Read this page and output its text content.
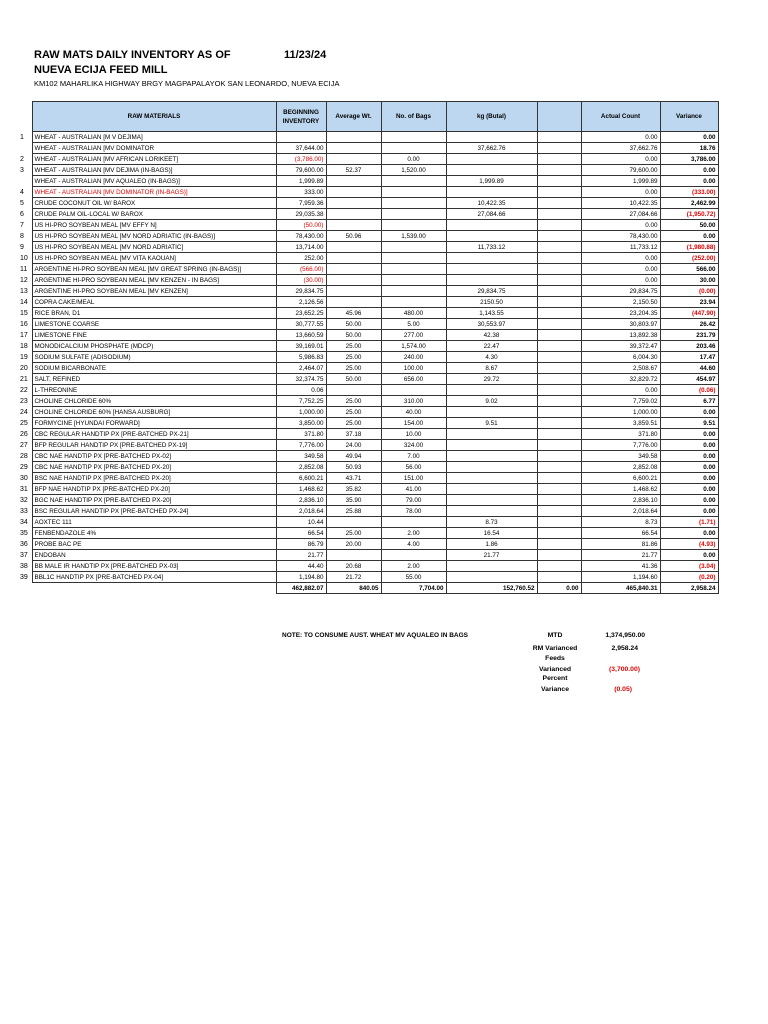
RAW MATS DAILY INVENTORY AS OF	11/23/24
NUEVA ECIJA FEED MILL
KM102 MAHARLIKA HIGHWAY BRGY MAGPAPALAYOK SAN LEONARDO, NUEVA ECIJA
	RAW MATERIALS	BEGINNING INVENTORY	Average Wt.	No. of Bags	kg (Butal)		Actual Count	Variance
1	WHEAT - AUSTRALIAN [M V DEJIMA]						0.00	0.00
	WHEAT - AUSTRALIAN [MV DOMINATOR	37,644.00			37,662.76		37,662.76	18.76
2	WHEAT - AUSTRALIAN [MV AFRICAN LORIKEET]	(3,786.00)		0.00			0.00	3,786.00
3	WHEAT - AUSTRALIAN [MV DEJIMA (IN-BAGS)]	79,600.00	52.37	1,520.00			79,600.00	0.00
	WHEAT - AUSTRALIAN [MV AQUALEO (IN-BAGS)]	1,999.89			1,999.89		1,999.89	0.00
4	WHEAT - AUSTRALIAN [MV DOMINATOR (IN-BAGS)]	333.00					0.00	(333.00)
5	CRUDE COCONUT OIL W/ BAROX	7,959.36			10,422.35		10,422.35	2,462.99
6	CRUDE PALM OIL-LOCAL W/ BAROX	29,035.38			27,084.66		27,084.66	(1,950.72)
7	US HI-PRO SOYBEAN MEAL [MV EFFY N]	(50.00)					0.00	50.00
8	US HI-PRO SOYBEAN MEAL [MV NORD ADRIATIC (IN-BAGS)]	78,430.00	50.96	1,539.00			78,430.00	0.00
9	US HI-PRO SOYBEAN MEAL [MV NORD ADRIATIC]	13,714.00			11,733.12		11,733.12	(1,980.88)
10	US HI-PRO SOYBEAN MEAL [MV VITA KAOUAN]	252.00					0.00	(252.00)
11	ARGENTINE HI-PRO SOYBEAN MEAL [MV GREAT SPRING (IN-BAGS)]	(566.00)					0.00	566.00
12	ARGENTINE HI-PRO SOYBEAN MEAL [MV KENZEN - IN BAGS]	(30.00)					0.00	30.00
13	ARGENTINE HI-PRO SOYBEAN MEAL [MV KENZEN]	29,834.75			29,834.75		29,834.75	(0.00)
14	COPRA CAKE/MEAL	2,126.56			2150.50		2,150.50	23.94
15	RICE BRAN, D1	23,652.25	45.96	480.00	1,143.55		23,204.35	(447.90)
16	LIMESTONE COARSE	30,777.55	50.00	5.00	30,553.97		30,803.97	26.42
17	LIMESTONE FINE	13,660.59	50.00	277.00	42.38		13,892.38	231.79
18	MONODICALCIUM PHOSPHATE (MDCP)	39,169.01	25.00	1,574.00	22.47		39,372.47	203.46
19	SODIUM SULFATE (ADISODIUM)	5,986.83	25.00	240.00	4.30		6,004.30	17.47
20	SODIUM BICARBONATE	2,464.07	25.00	100.00	8.67		2,508.67	44.60
21	SALT, REFINED	32,374.75	50.00	656.00	29.72		32,829.72	454.97
22	L-THREONINE	0.06					0.00	(0.06)
23	CHOLINE CHLORIDE 60%	7,752.25	25.00	310.00	9.02		7,759.02	6.77
24	CHOLINE CHLORIDE 60% [HANSA AUSBURG]	1,000.00	25.00	40.00			1,000.00	0.00
25	FORMYCINE [HYUNDAI FORWARD]	3,850.00	25.00	154.00	9.51		3,859.51	9.51
26	CBC REGULAR HANDTIP PX [PRE-BATCHED PX-21]	371.80	37.18	10.00			371.80	0.00
27	BFP REGULAR HANDTIP PX [PRE-BATCHED PX-19]	7,776.00	24.00	324.00			7,776.00	0.00
28	CBC NAE HANDTIP PX [PRE-BATCHED PX-02]	349.58	49.94	7.00			349.58	0.00
29	CBC NAE HANDTIP PX [PRE-BATCHED PX-20]	2,852.08	50.93	56.00			2,852.08	0.00
30	BSC NAE HANDTIP PX [PRE-BATCHED PX-20]	6,600.21	43.71	151.00			6,600.21	0.00
31	BFP NAE HANDTIP PX [PRE-BATCHED PX-20]	1,468.62	35.82	41.00			1,468.62	0.00
32	BGC NAE HANDTIP PX [PRE-BATCHED PX-20]	2,836.10	35.90	79.00			2,836.10	0.00
33	BSC REGULAR HANDTIP PX [PRE-BATCHED PX-24]	2,018.64	25.88	78.00			2,018.64	0.00
34	AOXTEC 111	10.44			8.73		8.73	(1.71)
35	FENBENDAZOLE 4%	66.54	25.00	2.00	16.54		66.54	0.00
36	PROBE BAC PE	86.79	20.00	4.00	1.86		81.86	(4.93)
37	ENDOBAN	21.77			21.77		21.77	0.00
38	BB MALE IR HANDTIP PX [PRE-BATCHED PX-03]	44.40	20.68	2.00			41.36	(3.04)
39	BBL1C HANDTIP PX [PRE-BATCHED PX-04]	1,194.80	21.72	55.00			1,194.60	(0.20)
		462,882.07	840.05	7,704.00	152,760.52	0.00	465,840.31	2,958.24
NOTE: TO CONSUME AUST. WHEAT MV AQUALEO IN BAGS	MTD	1,374,950.00
RM Varianced	2,958.24
Feeds
Varianced	(3,700.00)
Percent
Variance	(0.05)
